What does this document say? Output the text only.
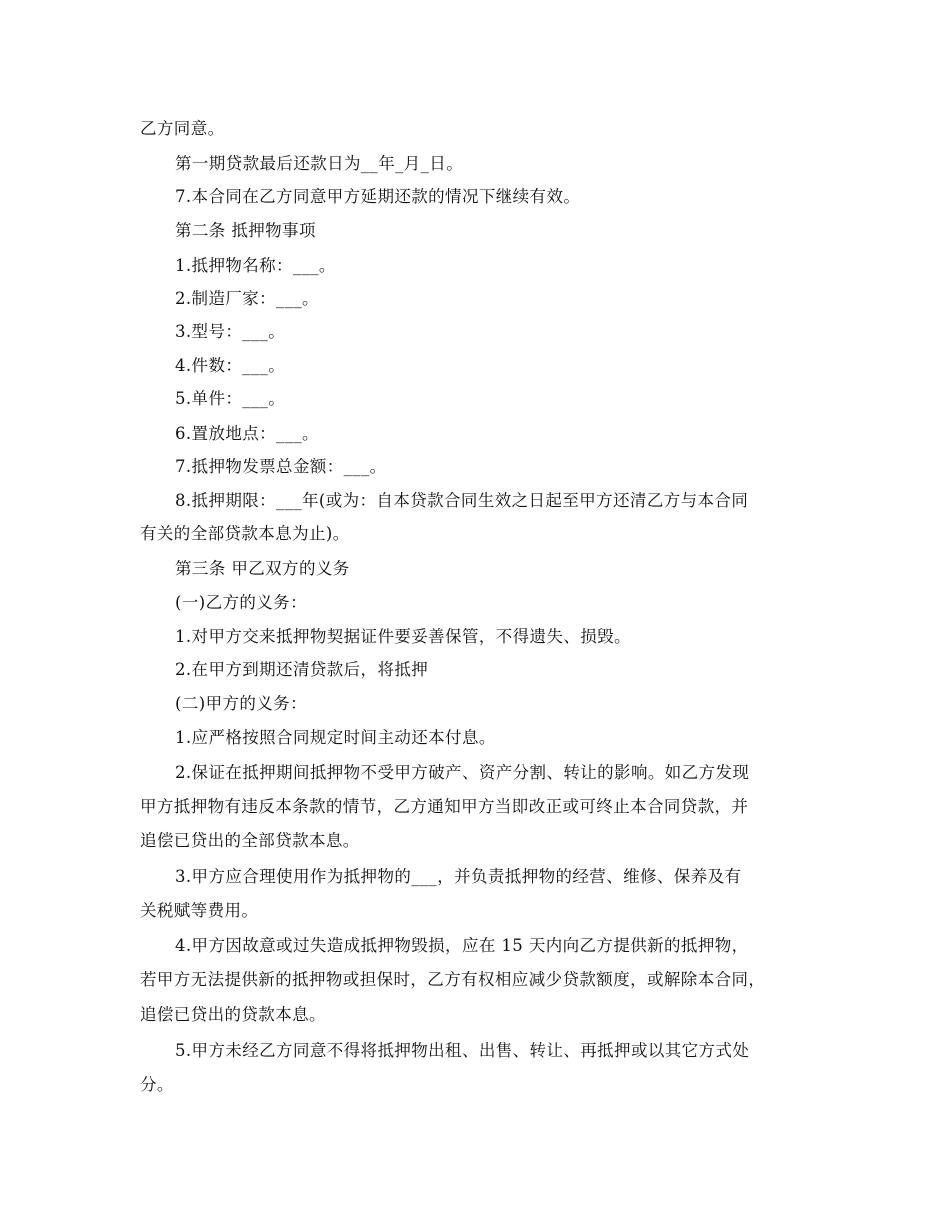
乙方同意。
第一期贷款最后还款日为__年_月_日。
7.本合同在乙方同意甲方延期还款的情况下继续有效。
第二条 抵押物事项
1.抵押物名称：___。
2.制造厂家：___。
3.型号：___。
4.件数：___。
5.单件：___。
6.置放地点：___。
7.抵押物发票总金额：___。
8.抵押期限：___年(或为：自本贷款合同生效之日起至甲方还清乙方与本合同
有关的全部贷款本息为止)。
第三条 甲乙双方的义务
(一)乙方的义务：
1.对甲方交来抵押物契据证件要妥善保管，不得遗失、损毁。
2.在甲方到期还清贷款后，将抵押
(二)甲方的义务：
1.应严格按照合同规定时间主动还本付息。
2.保证在抵押期间抵押物不受甲方破产、资产分割、转让的影响。如乙方发现
甲方抵押物有违反本条款的情节，乙方通知甲方当即改正或可终止本合同贷款，并
追偿已贷出的全部贷款本息。
3.甲方应合理使用作为抵押物的___，并负责抵押物的经营、维修、保养及有
关税赋等费用。
4.甲方因故意或过失造成抵押物毁损，应在 15 天内向乙方提供新的抵押物，
若甲方无法提供新的抵押物或担保时，乙方有权相应减少贷款额度，或解除本合同，
追偿已贷出的贷款本息。
5.甲方未经乙方同意不得将抵押物出租、出售、转让、再抵押或以其它方式处
分。
